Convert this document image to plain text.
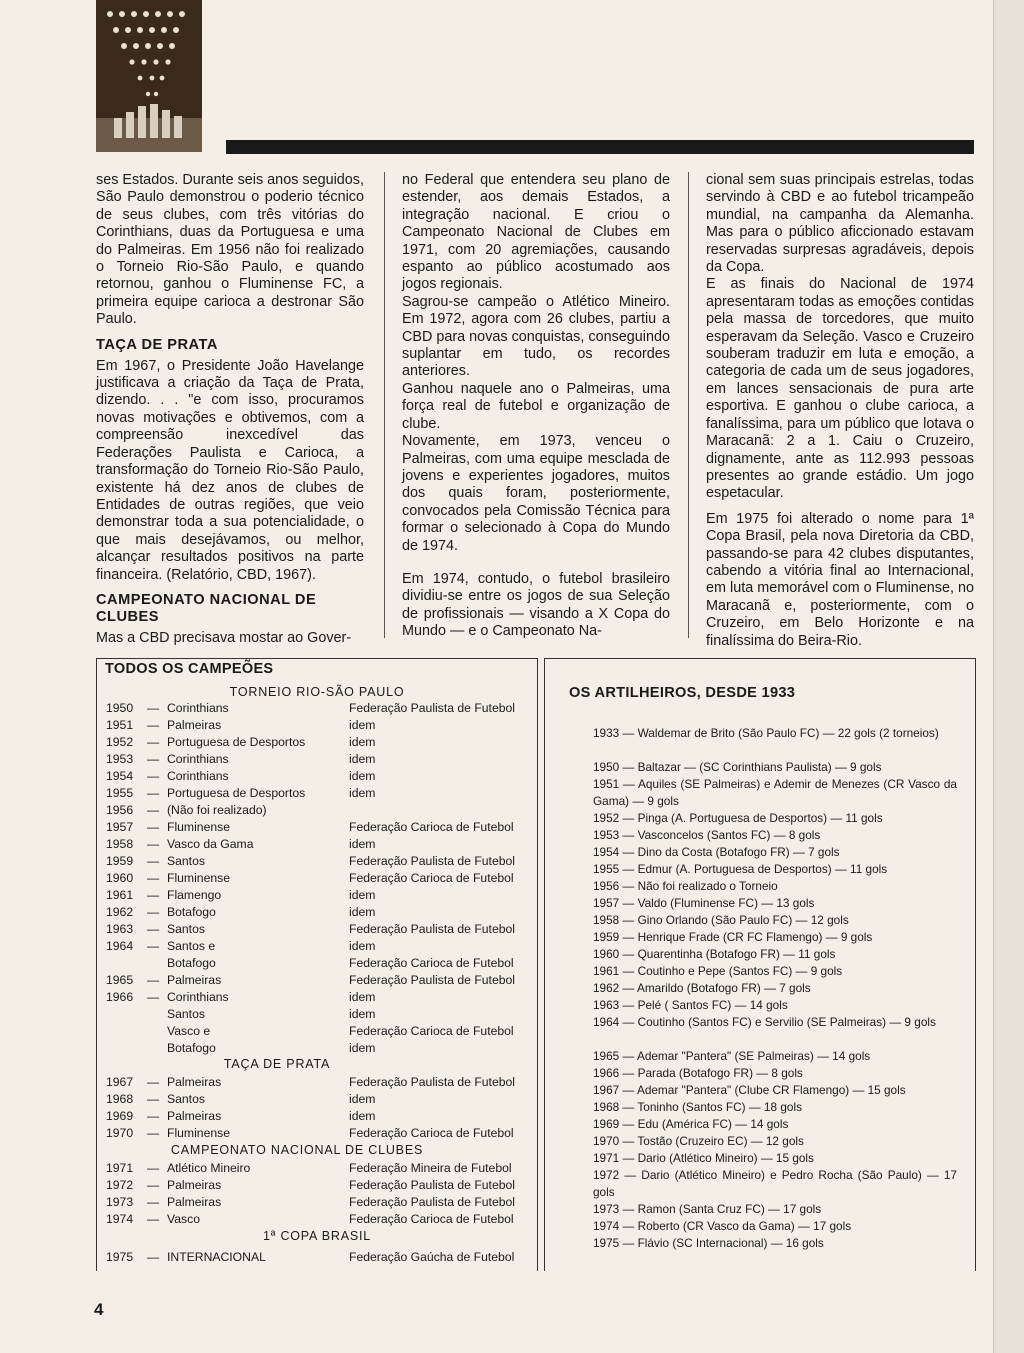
ses Estados. Durante seis anos seguidos, São Paulo demonstrou o poderio técnico de seus clubes, com três vitórias do Corinthians, duas da Portuguesa e uma do Palmeiras. Em 1956 não foi realizado o Torneio Rio-São Paulo, e quando retornou, ganhou o Fluminense FC, a primeira equipe carioca a destronar São Paulo.

TAÇA DE PRATA

Em 1967, o Presidente João Havelange justificava a criação da Taça de Prata, dizendo. . . "e com isso, procuramos novas motivações e obtivemos, com a compreensão inexcedível das Federações Paulista e Carioca, a transformação do Torneio Rio-São Paulo, existente há dez anos de clubes de Entidades de outras regiões, que veio demonstrar toda a sua potencialidade, o que mais desejávamos, ou melhor, alcançar resultados positivos na parte financeira. (Relatório, CBD, 1967).

CAMPEONATO NACIONAL DE CLUBES

Mas a CBD precisava mostar ao Gover-

no Federal que entendera seu plano de estender, aos demais Estados, a integração nacional. E criou o Campeonato Nacional de Clubes em 1971, com 20 agremiações, causando espanto ao público acostumado aos jogos regionais.

Sagrou-se campeão o Atlético Mineiro. Em 1972, agora com 26 clubes, partiu a CBD para novas conquistas, conseguindo suplantar em tudo, os recordes anteriores.

Ganhou naquele ano o Palmeiras, uma força real de futebol e organização de clube.

Novamente, em 1973, venceu o Palmeiras, com uma equipe mesclada de jovens e experientes jogadores, muitos dos quais foram, posteriormente, convocados pela Comissão Técnica para formar o selecionado à Copa do Mundo de 1974.

Em 1974, contudo, o futebol brasileiro dividiu-se entre os jogos de sua Seleção de profissionais — visando a X Copa do Mundo — e o Campeonato Na-

cional sem suas principais estrelas, todas servindo à CBD e ao futebol tricampeão mundial, na campanha da Alemanha. Mas para o público aficcionado estavam reservadas surpresas agradáveis, depois da Copa.

E as finais do Nacional de 1974 apresentaram todas as emoções contidas pela massa de torcedores, que muito esperavam da Seleção. Vasco e Cruzeiro souberam traduzir em luta e emoção, a categoria de cada um de seus jogadores, em lances sensacionais de pura arte esportiva. E ganhou o clube carioca, a fanalíssima, para um público que lotava o Maracanã: 2 a 1. Caiu o Cruzeiro, dignamente, ante as 112.993 pessoas presentes ao grande estádio. Um jogo espetacular.

Em 1975 foi alterado o nome para 1ª Copa Brasil, pela nova Diretoria da CBD, passando-se para 42 clubes disputantes, cabendo a vitória final ao Internacional, em luta memorável com o Fluminense, no Maracanã e, posteriormente, com o Cruzeiro, em Belo Horizonte e na finalíssima do Beira-Rio.

TODOS OS CAMPEÕES
TORNEIO RIO-SÃO PAULO
TAÇA DE PRATA
CAMPEONATO NACIONAL DE CLUBES
1ª COPA BRASIL
1950 — Corinthians	Federação Paulista de Futebol
1951 — Palmeiras	idem
1952 — Portuguesa de Desportos	idem
1953 — Corinthians	idem
1954 — Corinthians	idem
1955 — Portuguesa de Desportos	idem
1956 — (Não foi realizado)
1957 — Fluminense	Federação Carioca de Futebol
1958 — Vasco da Gama	idem
1959 — Santos	Federação Paulista de Futebol
1960 — Fluminense	Federação Carioca de Futebol
1961 — Flamengo	idem
1962 — Botafogo	idem
1963 — Santos	Federação Paulista de Futebol
1964 — Santos e	idem
Botafogo	Federação Carioca de Futebol
1965 — Palmeiras	Federação Paulista de Futebol
1966 — Corinthians	idem
Santos	idem
Vasco e	Federação Carioca de Futebol
Botafogo	idem
1967 — Palmeiras	Federação Paulista de Futebol
1968 — Santos	idem
1969 — Palmeiras	idem
1970 — Fluminense	Federação Carioca de Futebol
1971 — Atlético Mineiro	Federação Mineira de Futebol
1972 — Palmeiras	Federação Paulista de Futebol
1973 — Palmeiras	Federação Paulista de Futebol
1974 — Vasco	Federação Carioca de Futebol
1975 — INTERNACIONAL	Federação Gaúcha de Futebol
OS ARTILHEIROS, DESDE 1933
1933 — Waldemar de Brito (São Paulo FC) — 22 gols (2 torneios)
1950 — Baltazar — (SC Corinthians Paulista) — 9 gols
1951 — Aquiles (SE Palmeiras) e Ademir de Menezes (CR Vasco da Gama) — 9 gols
1952 — Pinga (A. Portuguesa de Desportos) — 11 gols
1953 — Vasconcelos (Santos FC) — 8 gols
1954 — Dino da Costa (Botafogo FR) — 7 gols
1955 — Edmur (A. Portuguesa de Desportos) — 11 gols
1956 — Não foi realizado o Torneio
1957 — Valdo (Fluminense FC) — 13 gols
1958 — Gino Orlando (São Paulo FC) — 12 gols
1959 — Henrique Frade (CR FC Flamengo) — 9 gols
1960 — Quarentinha (Botafogo FR) — 11 gols
1961 — Coutinho e Pepe (Santos FC) — 9 gols
1962 — Amarildo (Botafogo FR) — 7 gols
1963 — Pelé ( Santos FC) — 14 gols
1964 — Coutinho (Santos FC) e Servilio (SE Palmeiras) — 9 gols
1965 — Ademar "Pantera" (SE Palmeiras) — 14 gols
1966 — Parada (Botafogo FR) — 8 gols
1967 — Ademar "Pantera" (Clube CR Flamengo) — 15 gols
1968 — Toninho (Santos FC) — 18 gols
1969 — Edu (América FC) — 14 gols
1970 — Tostão (Cruzeiro EC) — 12 gols
1971 — Dario (Atlético Mineiro) — 15 gols
1972 — Dario (Atlético Mineiro) e Pedro Rocha (São Paulo) — 17 gols
1973 — Ramon (Santa Cruz FC) — 17 gols
1974 — Roberto (CR Vasco da Gama) — 17 gols
1975 — Flávio (SC Internacional) — 16 gols
4
